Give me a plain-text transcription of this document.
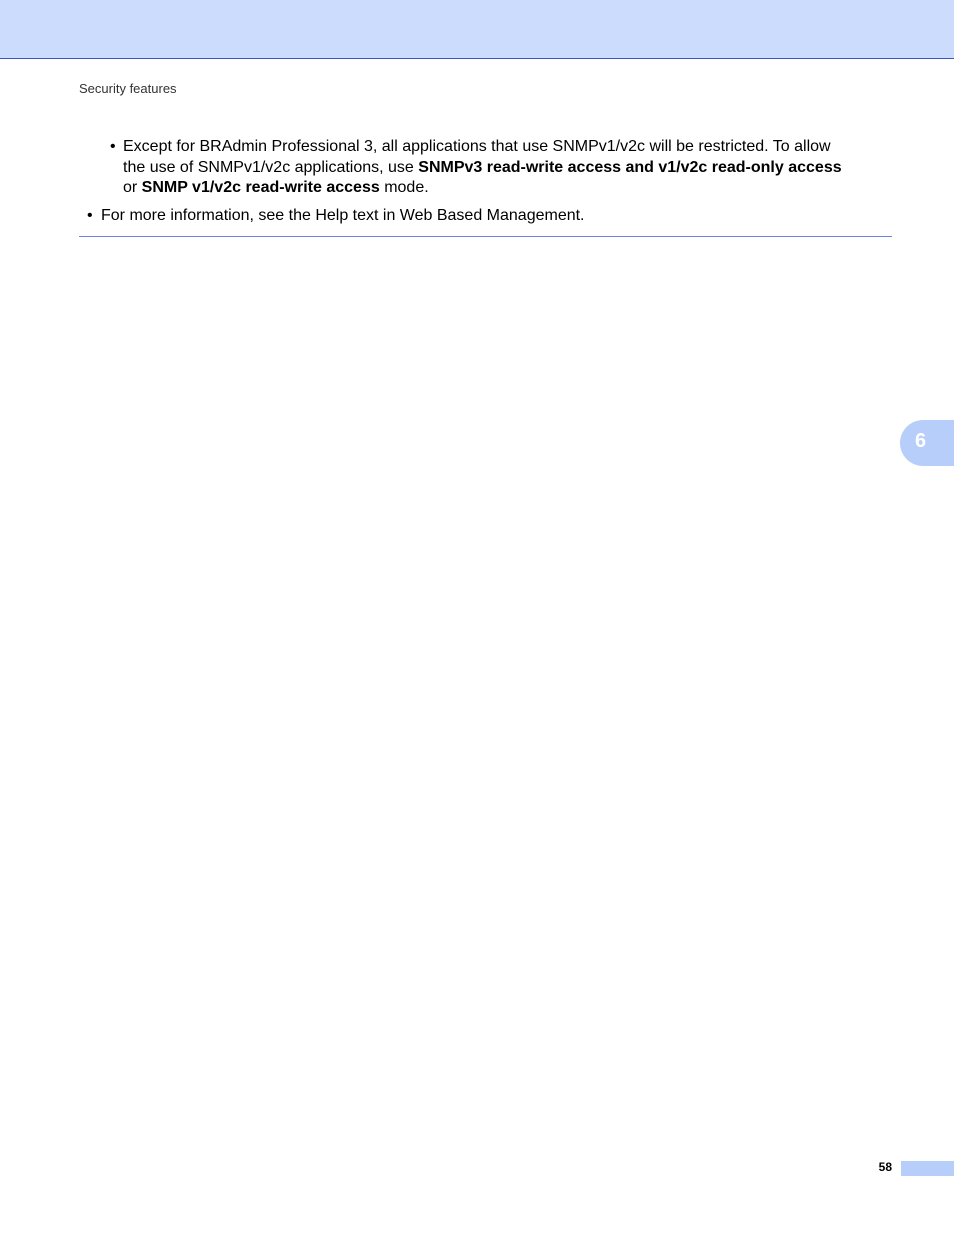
Security features
• Except for BRAdmin Professional 3, all applications that use SNMPv1/v2c will be restricted. To allow
the use of SNMPv1/v2c applications, use SNMPv3 read-write access and v1/v2c read-only access
or SNMP v1/v2c read-write access mode.
• For more information, see the Help text in Web Based Management.
6
58
